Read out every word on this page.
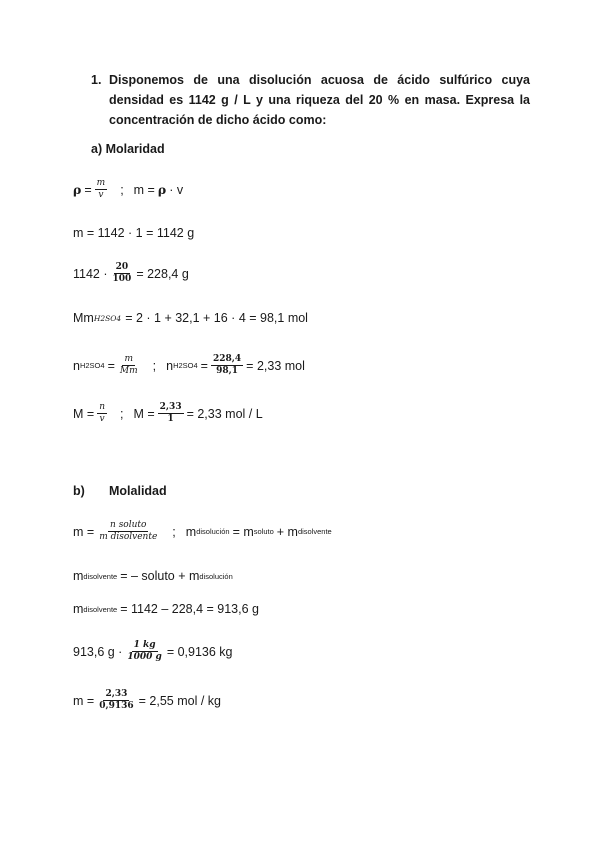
1. Disponemos de una disolución acuosa de ácido sulfúrico cuya
densidad es 1142 g / L y una riqueza del 20 % en masa. Expresa la
concentración de dicho ácido como:
a) Molaridad
$\rho = \frac{m}{v}$ ; m = ρ · v
m = 1142 · 1 = 1142 g
$1142 \cdot \frac{20}{100} = 228,4$ g
Mm H2SO4 = 2 · 1 + 32,1 + 16 · 4 = 98,1 mol
n $H2SO4 = \frac{m}{Mm}$ ; n $H2SO4 = \frac{228,4}{98,1} = 2,33$ mol
$M = \frac{n}{v}$ ; $M = \frac{2,33}{1} = 2,33$ mol / L
b) Molalidad
$m = \frac{\text{n soluto}}{\text{m disolvente}}$ ; m disolución = m soluto + m disolvente
m disolvente = – soluto + m disolución
m disolvente = 1142 – 228,4 = 913,6 g
913,6 $g \cdot \frac{1 kg}{1000 g} = 0,9136$ kg
$m = \frac{2,33}{0,9136} = 2,55$ mol / kg
